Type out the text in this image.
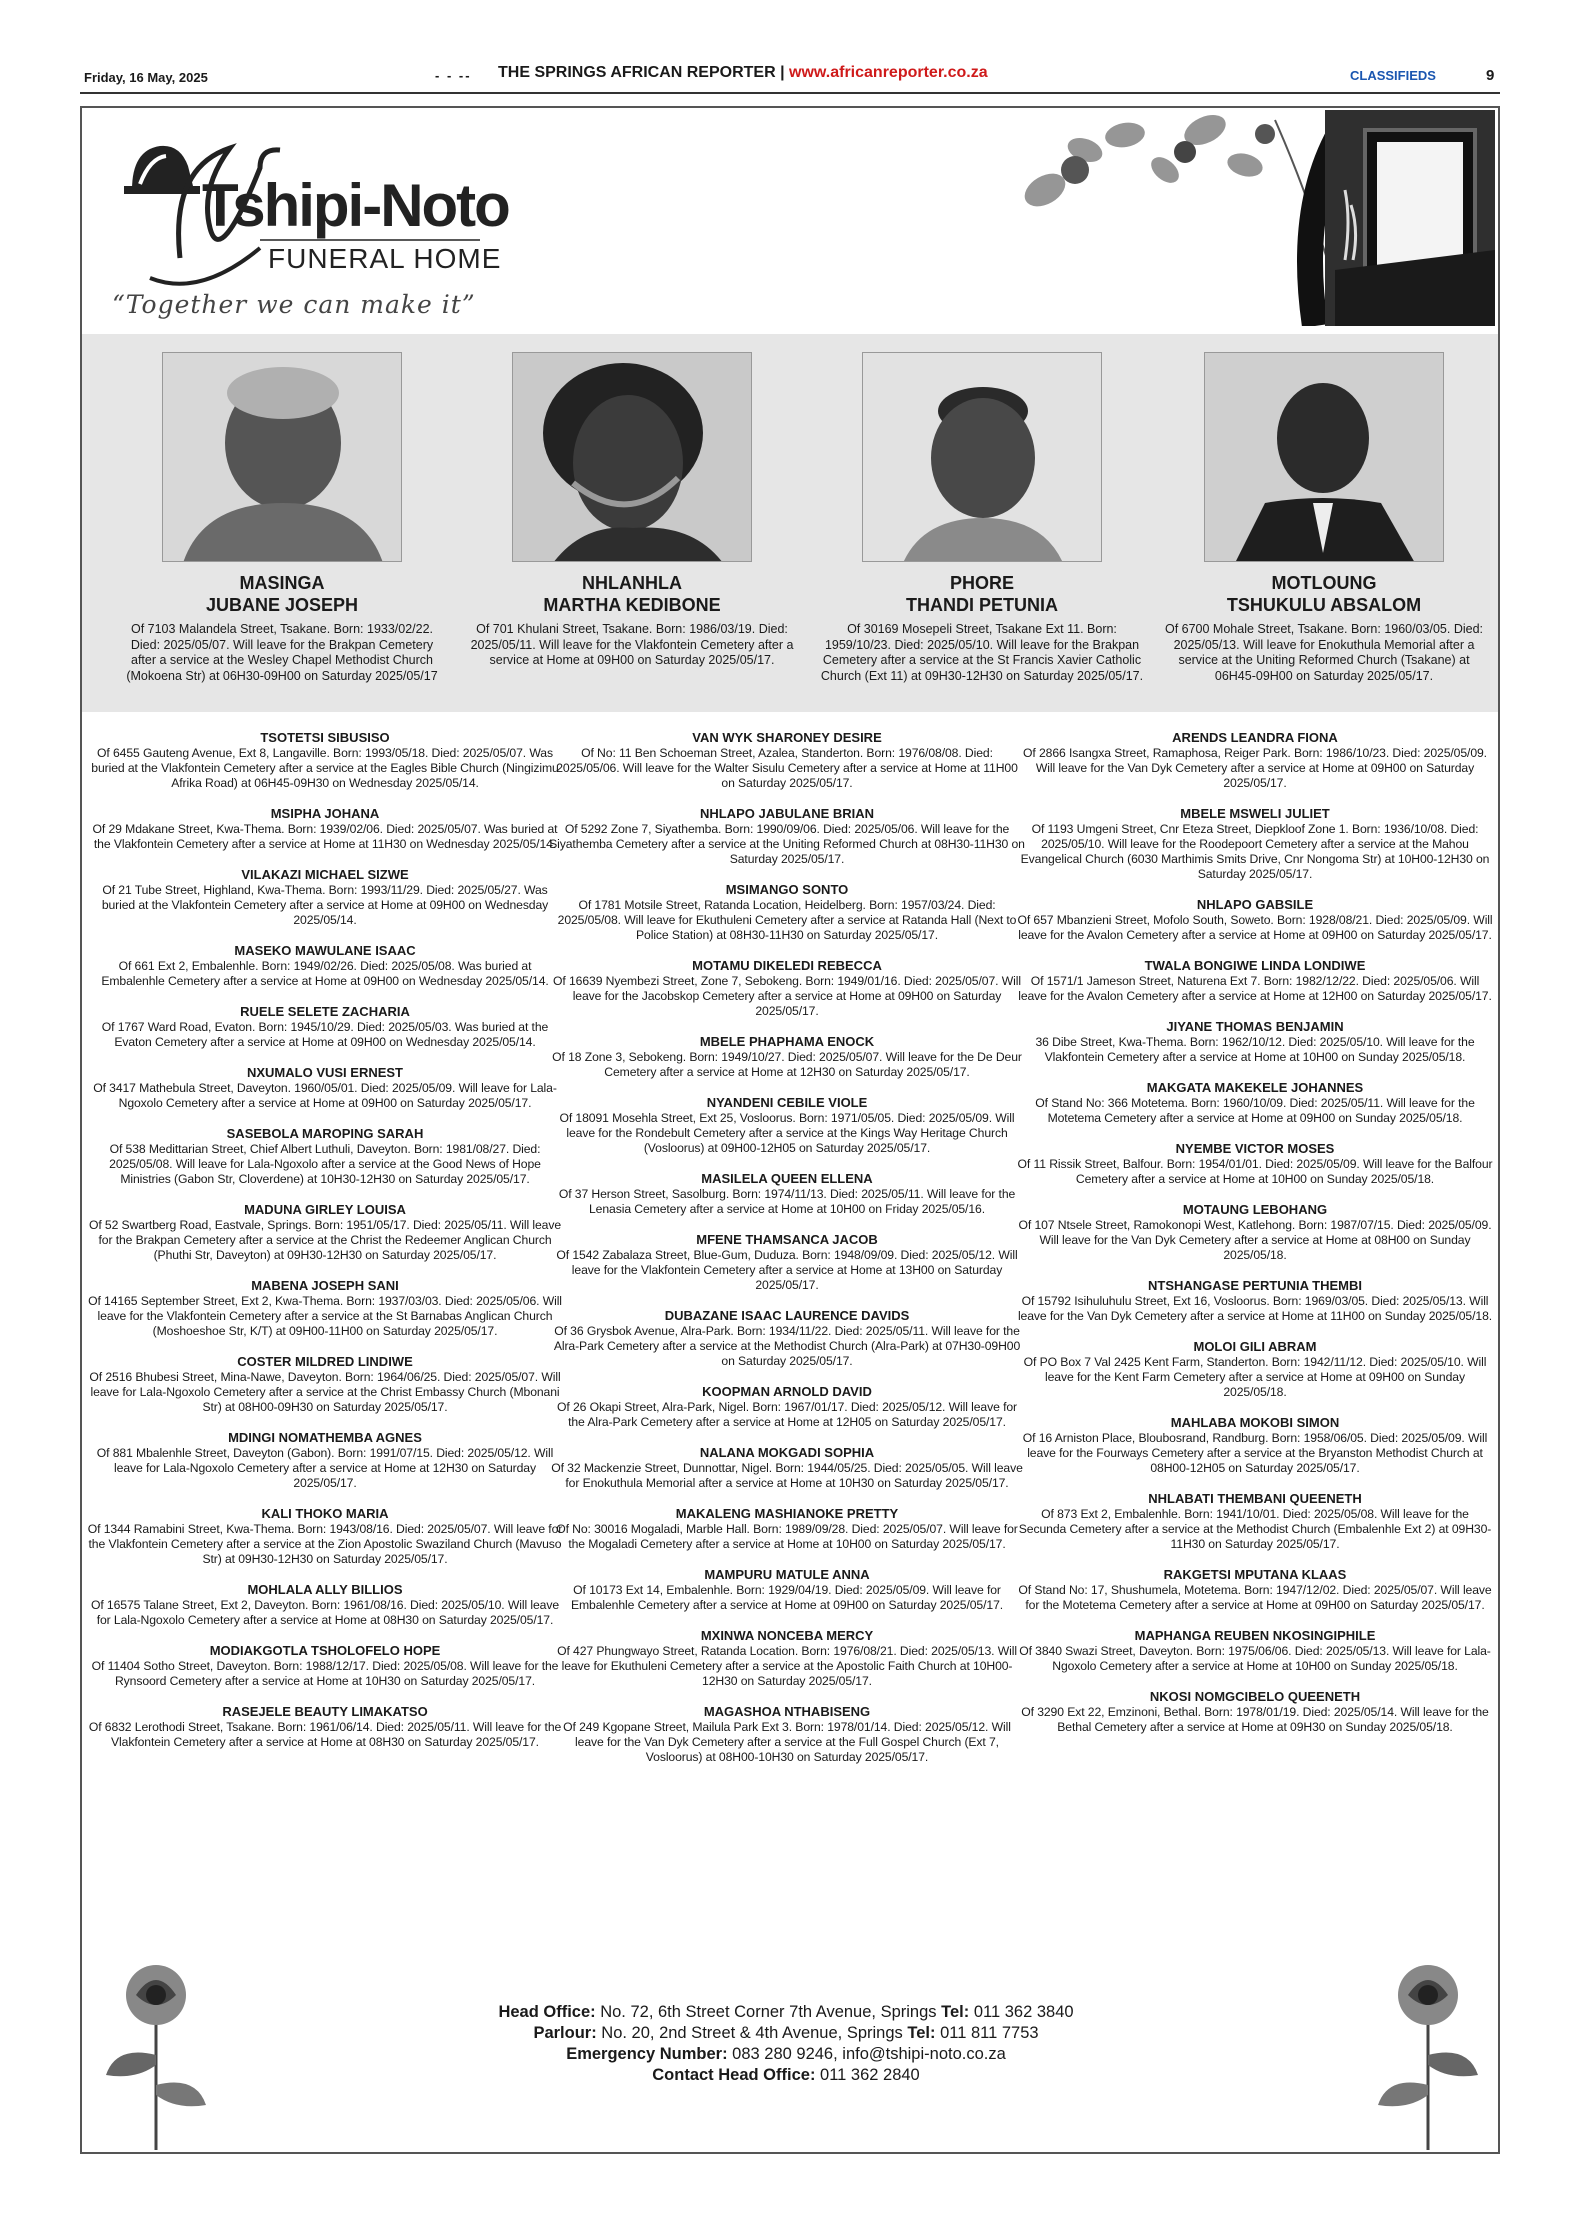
Friday, 16 May, 2025	- - -- THE SPRINGS AFRICAN REPORTER | www.africanreporter.co.za	CLASSIFIEDS	9
Tshipi-Noto
FUNERAL HOME
“Together we can make it”
MASINGA
JUBANE JOSEPH
Of 7103 Malandela Street, Tsakane. Born: 1933/02/22. Died: 2025/05/07. Will leave for the Brakpan Cemetery after a service at the Wesley Chapel Methodist Church (Mokoena Str) at 06H30-09H00 on Saturday 2025/05/17
NHLANHLA
MARTHA KEDIBONE
Of 701 Khulani Street, Tsakane. Born: 1986/03/19. Died: 2025/05/11. Will leave for the Vlakfontein Cemetery after a service at Home at 09H00 on Saturday 2025/05/17.
PHORE
THANDI PETUNIA
Of 30169 Mosepeli Street, Tsakane Ext 11. Born: 1959/10/23. Died: 2025/05/10. Will leave for the Brakpan Cemetery after a service at the St Francis Xavier Catholic Church (Ext 11) at 09H30-12H30 on Saturday 2025/05/17.
MOTLOUNG
TSHUKULU ABSALOM
Of 6700 Mohale Street, Tsakane. Born: 1960/03/05. Died: 2025/05/13. Will leave for Enokuthula Memorial after a service at the Uniting Reformed Church (Tsakane) at 06H45-09H00 on Saturday 2025/05/17.
TSOTETSI SIBUSISO
Of 6455 Gauteng Avenue, Ext 8, Langaville. Born: 1993/05/18. Died: 2025/05/07. Was buried at the Vlakfontein Cemetery after a service at the Eagles Bible Church (Ningizimu Afrika Road) at 06H45-09H30 on Wednesday 2025/05/14.
MSIPHA JOHANA
Of 29 Mdakane Street, Kwa-Thema. Born: 1939/02/06. Died: 2025/05/07. Was buried at the Vlakfontein Cemetery after a service at Home at 11H30 on Wednesday 2025/05/14.
VILAKAZI MICHAEL SIZWE
Of 21 Tube Street, Highland, Kwa-Thema. Born: 1993/11/29. Died: 2025/05/27. Was buried at the Vlakfontein Cemetery after a service at Home at 09H00 on Wednesday 2025/05/14.
MASEKO MAWULANE ISAAC
Of 661 Ext 2, Embalenhle. Born: 1949/02/26. Died: 2025/05/08. Was buried at Embalenhle Cemetery after a service at Home at 09H00 on Wednesday 2025/05/14.
RUELE SELETE ZACHARIA
Of 1767 Ward Road, Evaton. Born: 1945/10/29. Died: 2025/05/03. Was buried at the Evaton Cemetery after a service at Home at 09H00 on Wednesday 2025/05/14.
NXUMALO VUSI ERNEST
Of 3417 Mathebula Street, Daveyton. 1960/05/01. Died: 2025/05/09. Will leave for Lala-Ngoxolo Cemetery after a service at Home at 09H00 on Saturday 2025/05/17.
SASEBOLA MAROPING SARAH
Of 538 Medittarian Street, Chief Albert Luthuli, Daveyton. Born: 1981/08/27. Died: 2025/05/08. Will leave for Lala-Ngoxolo after a service at the Good News of Hope Ministries (Gabon Str, Cloverdene) at 10H30-12H30 on Saturday 2025/05/17.
MADUNA GIRLEY LOUISA
Of 52 Swartberg Road, Eastvale, Springs. Born: 1951/05/17. Died: 2025/05/11. Will leave for the Brakpan Cemetery after a service at the Christ the Redeemer Anglican Church (Phuthi Str, Daveyton) at 09H30-12H30 on Saturday 2025/05/17.
MABENA JOSEPH SANI
Of 14165 September Street, Ext 2, Kwa-Thema. Born: 1937/03/03. Died: 2025/05/06. Will leave for the Vlakfontein Cemetery after a service at the St Barnabas Anglican Church (Moshoeshoe Str, K/T) at 09H00-11H00 on Saturday 2025/05/17.
COSTER MILDRED LINDIWE
Of 2516 Bhubesi Street, Mina-Nawe, Daveyton. Born: 1964/06/25. Died: 2025/05/07. Will leave for Lala-Ngoxolo Cemetery after a service at the Christ Embassy Church (Mbonani Str) at 08H00-09H30 on Saturday 2025/05/17.
MDINGI NOMATHEMBA AGNES
Of 881 Mbalenhle Street, Daveyton (Gabon). Born: 1991/07/15. Died: 2025/05/12. Will leave for Lala-Ngoxolo Cemetery after a service at Home at 12H30 on Saturday 2025/05/17.
KALI THOKO MARIA
Of 1344 Ramabini Street, Kwa-Thema. Born: 1943/08/16. Died: 2025/05/07. Will leave for the Vlakfontein Cemetery after a service at the Zion Apostolic Swaziland Church (Mavuso Str) at 09H30-12H30 on Saturday 2025/05/17.
MOHLALA ALLY BILLIOS
Of 16575 Talane Street, Ext 2, Daveyton. Born: 1961/08/16. Died: 2025/05/10. Will leave for Lala-Ngoxolo Cemetery after a service at Home at 08H30 on Saturday 2025/05/17.
MODIAKGOTLA TSHOLOFELO HOPE
Of 11404 Sotho Street, Daveyton. Born: 1988/12/17. Died: 2025/05/08. Will leave for the Rynsoord Cemetery after a service at Home at 10H30 on Saturday 2025/05/17.
RASEJELE BEAUTY LIMAKATSO
Of 6832 Lerothodi Street, Tsakane. Born: 1961/06/14. Died: 2025/05/11. Will leave for the Vlakfontein Cemetery after a service at Home at 08H30 on Saturday 2025/05/17.
VAN WYK SHARONEY DESIRE
Of No: 11 Ben Schoeman Street, Azalea, Standerton. Born: 1976/08/08. Died: 2025/05/06. Will leave for the Walter Sisulu Cemetery after a service at Home at 11H00 on Saturday 2025/05/17.
NHLAPO JABULANE BRIAN
Of 5292 Zone 7, Siyathemba. Born: 1990/09/06. Died: 2025/05/06. Will leave for the Siyathemba Cemetery after a service at the Uniting Reformed Church at 08H30-11H30 on Saturday 2025/05/17.
MSIMANGO SONTO
Of 1781 Motsile Street, Ratanda Location, Heidelberg. Born: 1957/03/24. Died: 2025/05/08. Will leave for Ekuthuleni Cemetery after a service at Ratanda Hall (Next to Police Station) at 08H30-11H30 on Saturday 2025/05/17.
MOTAMU DIKELEDI REBECCA
Of 16639 Nyembezi Street, Zone 7, Sebokeng. Born: 1949/01/16. Died: 2025/05/07. Will leave for the Jacobskop Cemetery after a service at Home at 09H00 on Saturday 2025/05/17.
MBELE PHAPHAMA ENOCK
Of 18 Zone 3, Sebokeng. Born: 1949/10/27. Died: 2025/05/07. Will leave for the De Deur Cemetery after a service at Home at 12H30 on Saturday 2025/05/17.
NYANDENI CEBILE VIOLE
Of 18091 Mosehla Street, Ext 25, Vosloorus. Born: 1971/05/05. Died: 2025/05/09. Will leave for the Rondebult Cemetery after a service at the Kings Way Heritage Church (Vosloorus) at 09H00-12H05 on Saturday 2025/05/17.
MASILELA QUEEN ELLENA
Of 37 Herson Street, Sasolburg. Born: 1974/11/13. Died: 2025/05/11. Will leave for the Lenasia Cemetery after a service at Home at 10H00 on Friday 2025/05/16.
MFENE THAMSANCA JACOB
Of 1542 Zabalaza Street, Blue-Gum, Duduza. Born: 1948/09/09. Died: 2025/05/12. Will leave for the Vlakfontein Cemetery after a service at Home at 13H00 on Saturday 2025/05/17.
DUBAZANE ISAAC LAURENCE DAVIDS
Of 36 Grysbok Avenue, Alra-Park. Born: 1934/11/22. Died: 2025/05/11. Will leave for the Alra-Park Cemetery after a service at the Methodist Church (Alra-Park) at 07H30-09H00 on Saturday 2025/05/17.
KOOPMAN ARNOLD DAVID
Of 26 Okapi Street, Alra-Park, Nigel. Born: 1967/01/17. Died: 2025/05/12. Will leave for the Alra-Park Cemetery after a service at Home at 12H05 on Saturday 2025/05/17.
NALANA MOKGADI SOPHIA
Of 32 Mackenzie Street, Dunnottar, Nigel. Born: 1944/05/25. Died: 2025/05/05. Will leave for Enokuthula Memorial after a service at Home at 10H30 on Saturday 2025/05/17.
MAKALENG MASHIANOKE PRETTY
Of No: 30016 Mogaladi, Marble Hall. Born: 1989/09/28. Died: 2025/05/07. Will leave for the Mogaladi Cemetery after a service at Home at 10H00 on Saturday 2025/05/17.
MAMPURU MATULE ANNA
Of 10173 Ext 14, Embalenhle. Born: 1929/04/19. Died: 2025/05/09. Will leave for Embalenhle Cemetery after a service at Home at 09H00 on Saturday 2025/05/17.
MXINWA NONCEBA MERCY
Of 427 Phungwayo Street, Ratanda Location. Born: 1976/08/21. Died: 2025/05/13. Will leave for Ekuthuleni Cemetery after a service at the Apostolic Faith Church at 10H00-12H30 on Saturday 2025/05/17.
MAGASHOA NTHABISENG
Of 249 Kgopane Street, Mailula Park Ext 3. Born: 1978/01/14. Died: 2025/05/12. Will leave for the Van Dyk Cemetery after a service at the Full Gospel Church (Ext 7, Vosloorus) at 08H00-10H30 on Saturday 2025/05/17.
ARENDS LEANDRA FIONA
Of 2866 Isangxa Street, Ramaphosa, Reiger Park. Born: 1986/10/23. Died: 2025/05/09. Will leave for the Van Dyk Cemetery after a service at Home at 09H00 on Saturday 2025/05/17.
MBELE MSWELI JULIET
Of 1193 Umgeni Street, Cnr Eteza Street, Diepkloof Zone 1. Born: 1936/10/08. Died: 2025/05/10. Will leave for the Roodepoort Cemetery after a service at the Mahou Evangelical Church (6030 Marthimis Smits Drive, Cnr Nongoma Str) at 10H00-12H30 on Saturday 2025/05/17.
NHLAPO GABSILE
Of 657 Mbanzieni Street, Mofolo South, Soweto. Born: 1928/08/21. Died: 2025/05/09. Will leave for the Avalon Cemetery after a service at Home at 09H00 on Saturday 2025/05/17.
TWALA BONGIWE LINDA LONDIWE
Of 1571/1 Jameson Street, Naturena Ext 7. Born: 1982/12/22. Died: 2025/05/06. Will leave for the Avalon Cemetery after a service at Home at 12H00 on Saturday 2025/05/17.
JIYANE THOMAS BENJAMIN
36 Dibe Street, Kwa-Thema. Born: 1962/10/12. Died: 2025/05/10. Will leave for the Vlakfontein Cemetery after a service at Home at 10H00 on Sunday 2025/05/18.
MAKGATA MAKEKELE JOHANNES
Of Stand No: 366 Motetema. Born: 1960/10/09. Died: 2025/05/11. Will leave for the Motetema Cemetery after a service at Home at 09H00 on Sunday 2025/05/18.
NYEMBE VICTOR MOSES
Of 11 Rissik Street, Balfour. Born: 1954/01/01. Died: 2025/05/09. Will leave for the Balfour Cemetery after a service at Home at 10H00 on Sunday 2025/05/18.
MOTAUNG LEBOHANG
Of 107 Ntsele Street, Ramokonopi West, Katlehong. Born: 1987/07/15. Died: 2025/05/09. Will leave for the Van Dyk Cemetery after a service at Home at 08H00 on Sunday 2025/05/18.
NTSHANGASE PERTUNIA THEMBI
Of 15792 Isihuluhulu Street, Ext 16, Vosloorus. Born: 1969/03/05. Died: 2025/05/13. Will leave for the Van Dyk Cemetery after a service at Home at 11H00 on Sunday 2025/05/18.
MOLOI GILI ABRAM
Of PO Box 7 Val 2425 Kent Farm, Standerton. Born: 1942/11/12. Died: 2025/05/10. Will leave for the Kent Farm Cemetery after a service at Home at 09H00 on Sunday 2025/05/18.
MAHLABA MOKOBI SIMON
Of 16 Arniston Place, Bloubosrand, Randburg. Born: 1958/06/05. Died: 2025/05/09. Will leave for the Fourways Cemetery after a service at the Bryanston Methodist Church at 08H00-12H05 on Saturday 2025/05/17.
NHLABATI THEMBANI QUEENETH
Of 873 Ext 2, Embalenhle. Born: 1941/10/01. Died: 2025/05/08. Will leave for the Secunda Cemetery after a service at the Methodist Church (Embalenhle Ext 2) at 09H30-11H30 on Saturday 2025/05/17.
RAKGETSI MPUTANA KLAAS
Of Stand No: 17, Shushumela, Motetema. Born: 1947/12/02. Died: 2025/05/07. Will leave for the Motetema Cemetery after a service at Home at 09H00 on Saturday 2025/05/17.
MAPHANGA REUBEN NKOSINGIPHILE
Of 3840 Swazi Street, Daveyton. Born: 1975/06/06. Died: 2025/05/13. Will leave for Lala-Ngoxolo Cemetery after a service at Home at 10H00 on Sunday 2025/05/18.
NKOSI NOMGCIBELO QUEENETH
Of 3290 Ext 22, Emzinoni, Bethal. Born: 1978/01/19. Died: 2025/05/14. Will leave for the Bethal Cemetery after a service at Home at 09H30 on Sunday 2025/05/18.
Head Office: No. 72, 6th Street Corner 7th Avenue, Springs Tel: 011 362 3840
Parlour: No. 20, 2nd Street & 4th Avenue, Springs Tel: 011 811 7753
Emergency Number: 083 280 9246, info@tshipi-noto.co.za
Contact Head Office: 011 362 2840
